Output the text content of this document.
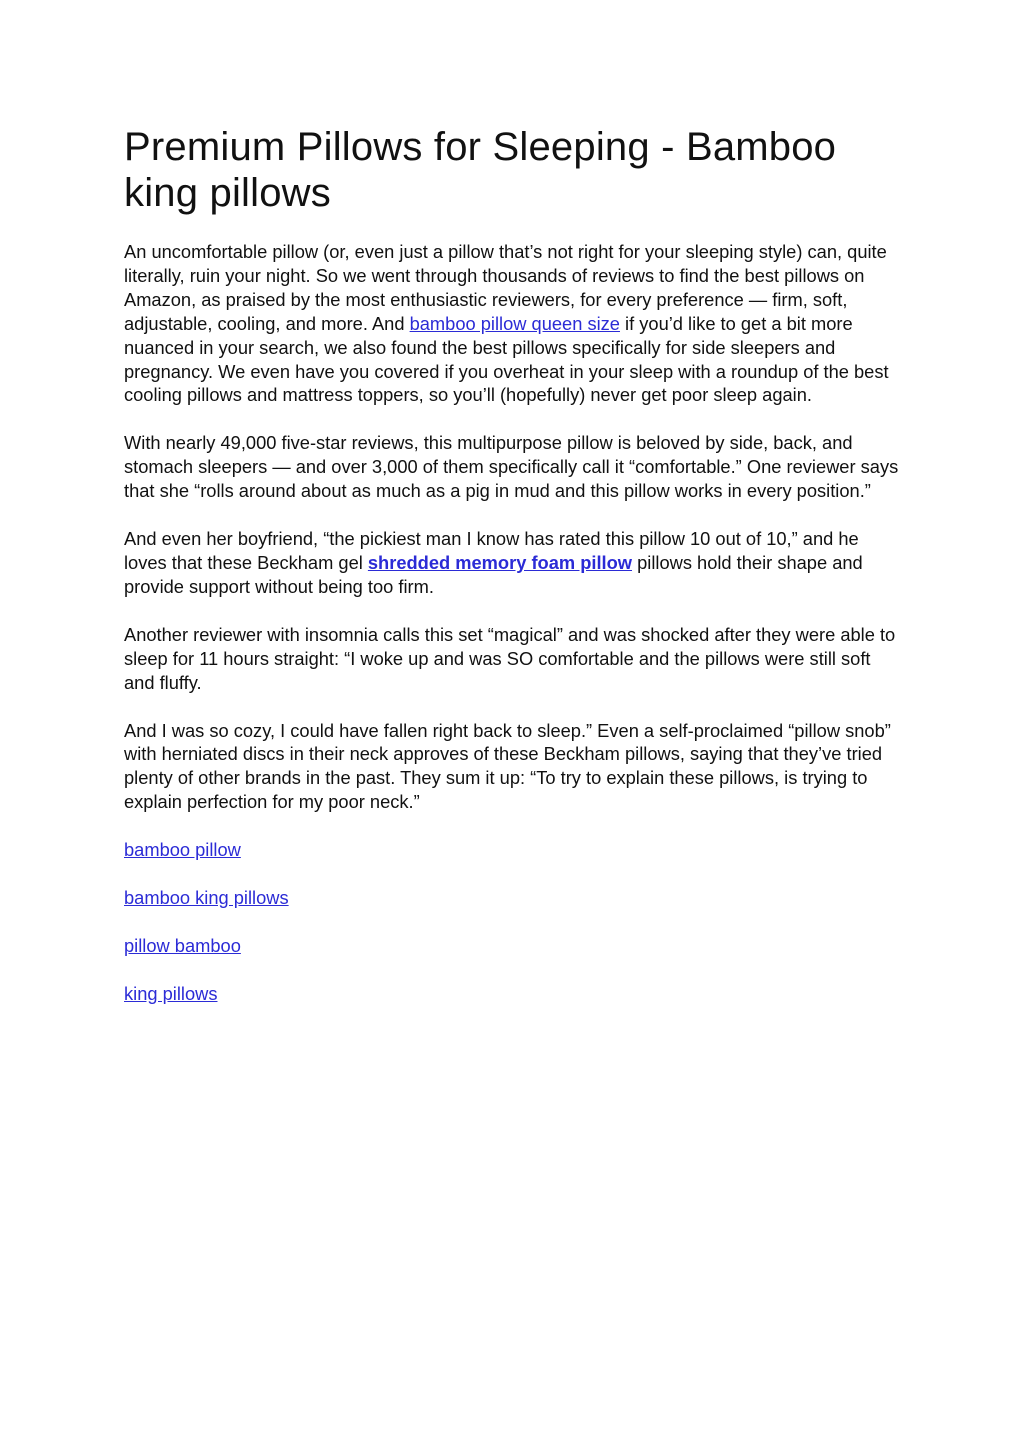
Premium Pillows for Sleeping - Bamboo king pillows

An uncomfortable pillow (or, even just a pillow that’s not right for your sleeping style) can, quite literally, ruin your night. So we went through thousands of reviews to find the best pillows on Amazon, as praised by the most enthusiastic reviewers, for every preference — firm, soft, adjustable, cooling, and more. And bamboo pillow queen size if you’d like to get a bit more nuanced in your search, we also found the best pillows specifically for side sleepers and pregnancy. We even have you covered if you overheat in your sleep with a roundup of the best cooling pillows and mattress toppers, so you’ll (hopefully) never get poor sleep again.

With nearly 49,000 five-star reviews, this multipurpose pillow is beloved by side, back, and stomach sleepers — and over 3,000 of them specifically call it “comfortable.” One reviewer says that she “rolls around about as much as a pig in mud and this pillow works in every position.”

And even her boyfriend, “the pickiest man I know has rated this pillow 10 out of 10,” and he loves that these Beckham gel shredded memory foam pillow pillows hold their shape and provide support without being too firm.

Another reviewer with insomnia calls this set “magical” and was shocked after they were able to sleep for 11 hours straight: “I woke up and was SO comfortable and the pillows were still soft and fluffy.

And I was so cozy, I could have fallen right back to sleep.” Even a self-proclaimed “pillow snob” with herniated discs in their neck approves of these Beckham pillows, saying that they’ve tried plenty of other brands in the past. They sum it up: “To try to explain these pillows, is trying to explain perfection for my poor neck.”

bamboo pillow

bamboo king pillows

pillow bamboo

king pillows
